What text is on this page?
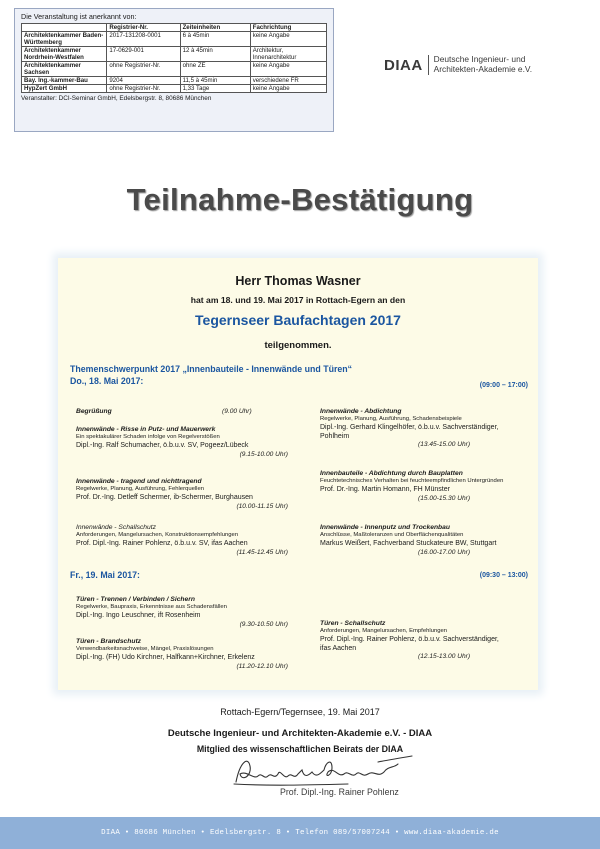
Die Veranstaltung ist anerkannt von:
	Registrier-Nr.	Zeiteinheiten	Fachrichtung
Architektenkammer Baden-Württemberg	2017-131208-0001	6 à 45min	keine Angabe
Architektenkammer Nordrhein-Westfalen	17-0629-001	12 à 45min	Architektur, Innenarchitektur
Architektenkammer Sachsen	ohne Registrier-Nr.	ohne ZE	keine Angabe
Bay. Ing.-kammer-Bau	9204	11,5 à 45min	verschiedene FR
HypZert GmbH	ohne Registrier-Nr.	1,33 Tage	keine Angabe
Veranstalter: DCI-Seminar GmbH, Edelsbergstr. 8, 80686 München
DIAA Deutsche Ingenieur- und
Architekten-Akademie e.V.
Teilnahme-Bestätigung
Herr Thomas Wasner
hat am 18. und 19. Mai 2017 in Rottach-Egern an den
Tegernseer Baufachtagen 2017
teilgenommen.
Themenschwerpunkt 2017 „Innenbauteile - Innenwände und Türen“
Do., 18. Mai 2017:	(09:00 – 17:00)
Begrüßung	(9.00 Uhr)
Innenwände - Risse in Putz- und Mauerwerk
Ein spektakulärer Schaden infolge von Regelverstößen
Dipl.-Ing. Ralf Schumacher, ö.b.u.v. SV, Pogeez/Lübeck
(9.15-10.00 Uhr)
Innenwände - tragend und nichttragend
Regelwerke, Planung, Ausführung, Fehlerquellen
Prof. Dr.-Ing. Detleff Schermer, ib-Schermer, Burghausen
(10.00-11.15 Uhr)
Innenwände - Schallschutz
Anforderungen, Mangelursachen, Konstruktionsempfehlungen
Prof. Dipl.-Ing. Rainer Pohlenz, ö.b.u.v. SV, ifas Aachen
(11.45-12.45 Uhr)
Innenwände - Abdichtung
Regelwerke, Planung, Ausführung, Schadensbeispiele
Dipl.-Ing. Gerhard Klingelhöfer, ö.b.u.v. Sachverständiger,
Pohlheim
(13.45-15.00 Uhr)
Innenbauteile - Abdichtung durch Bauplatten
Feuchtetechnisches Verhalten bei feuchteempfindlichen Untergründen
Prof. Dr.-Ing. Martin Homann, FH Münster
(15.00-15.30 Uhr)
Innenwände - Innenputz und Trockenbau
Anschlüsse, Maßtoleranzen und Oberflächenqualitäten
Markus Weißert, Fachverband Stuckateure BW, Stuttgart
(16.00-17.00 Uhr)
Fr., 19. Mai 2017:	(09:30 – 13:00)
Türen - Trennen / Verbinden / Sichern
Regelwerke, Baupraxis, Erkenntnisse aus Schadensfällen
Dipl.-Ing. Ingo Leuschner, ift Rosenheim
(9.30-10.50 Uhr)
Türen - Brandschutz
Verwendbarkeitsnachweise, Mängel, Praxislösungen
Dipl.-Ing. (FH) Udo Kirchner, Halfkann+Kirchner, Erkelenz
(11.20-12.10 Uhr)
Türen - Schallschutz
Anforderungen, Mangelursachen, Empfehlungen
Prof. Dipl.-Ing. Rainer Pohlenz, ö.b.u.v. Sachverständiger,
ifas Aachen
(12.15-13.00 Uhr)
Rottach-Egern/Tegernsee, 19. Mai 2017
Deutsche Ingenieur- und Architekten-Akademie e.V. - DIAA
Mitglied des wissenschaftlichen Beirats der DIAA
Prof. Dipl.-Ing. Rainer Pohlenz
DIAA • 80686 München • Edelsbergstr. 8 • Telefon 089/57007244 • www.diaa-akademie.de
